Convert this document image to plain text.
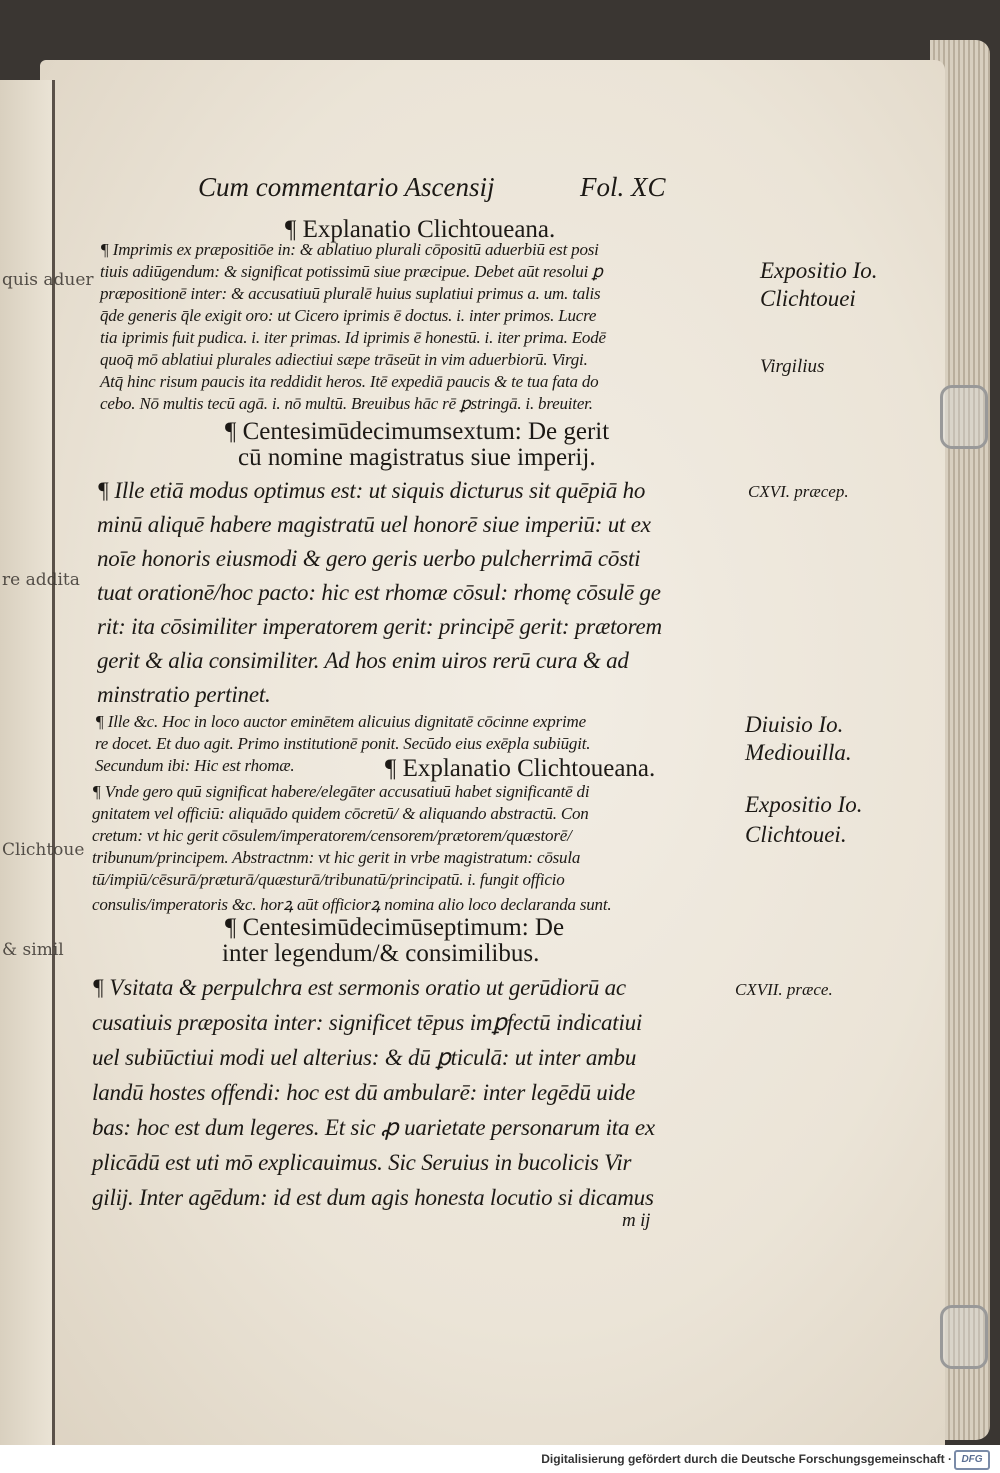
quis aduer
re addita
Clichtoue
& simil
Cum commentario Ascensij	Fol. XC
¶ Explanatio Clichtoueana.
¶ Imprimis ex præpositiōe in: & ablatiuo plurali cōpositū aduerbiū est posi
tiuis adiūgendum: & significat potissimū siue præcipue. Debet aūt resolui ꝑ
præpositionē inter: & accusatiuū pluralē huius suplatiui primus a. um. talis
q̄de generis q̄le exigit oro: ut Cicero iprimis ē doctus. i. inter primos. Lucre
tia iprimis fuit pudica. i. iter primas. Id iprimis ē honestū. i. iter prima. Eodē
quoq̄ mō ablatiui plurales adiectiui sæpe trāseūt in vim aduerbiorū. Virgi.
Atq̄ hinc risum paucis ita reddidit heros. Itē expediā paucis & te tua fata do
cebo. Nō multis tecū agā. i. nō multū. Breuibus hāc rē ꝑstringā. i. breuiter.
¶ Centesimūdecimumsextum: De gerit
cū nomine magistratus siue imperij.
¶ Ille etiā modus optimus est: ut siquis dicturus sit quēpiā ho
minū aliquē habere magistratū uel honorē siue imperiū: ut ex
noīe honoris eiusmodi & gero geris uerbo pulcherrimā cōsti
tuat orationē/hoc pacto: hic est rhomæ cōsul: rhomę cōsulē ge
rit: ita cōsimiliter imperatorem gerit: principē gerit: prætorem
gerit & alia consimiliter. Ad hos enim uiros rerū cura & ad
minstratio pertinet.
¶ Ille &c. Hoc in loco auctor eminētem alicuius dignitatē cōcinne exprime
re docet. Et duo agit. Primo institutionē ponit. Secūdo eius exēpla subiūgit.
Secundum ibi: Hic est rhomæ.	¶ Explanatio Clichtoueana.
¶ Vnde gero quū significat habere/elegāter accusatiuū habet significantē di
gnitatem vel officiū: aliquādo quidem cōcretū/ & aliquando abstractū. Con
cretum: vt hic gerit cōsulem/imperatorem/censorem/prætorem/quæstorē/
tribunum/principem. Abstractnm: vt hic gerit in vrbe magistratum: cōsula
tū/impiū/cēsurā/præturā/quæsturā/tribunatū/principatū. i. fungit officio
consulis/imperatoris &c. horꝝ aūt officiorꝝ nomina alio loco declaranda sunt.
¶ Centesimūdecimūseptimum: De
inter legendum/& consimilibus.
¶ Vsitata & perpulchra est sermonis oratio ut gerūdiorū ac
cusatiuis præposita inter: significet tēpus imꝑfectū indicatiui
uel subiūctiui modi uel alterius: & dū ꝑticulā: ut inter ambu
landū hostes offendi: hoc est dū ambularē: inter legēdū uide
bas: hoc est dum legeres. Et sic ꝓ uarietate personarum ita ex
plicādū est uti mō explicauimus. Sic Seruius in bucolicis Vir
gilij. Inter agēdum: id est dum agis honesta locutio si dicamus
m ij
Expositio Io.
Clichtouei
Virgilius
CXVI. præcep.
Diuisio Io.
Mediouilla.
Expositio Io.
Clichtouei.
CXVII. præce.
Digitalisierung gefördert durch die Deutsche Forschungsgemeinschaft · DFG
